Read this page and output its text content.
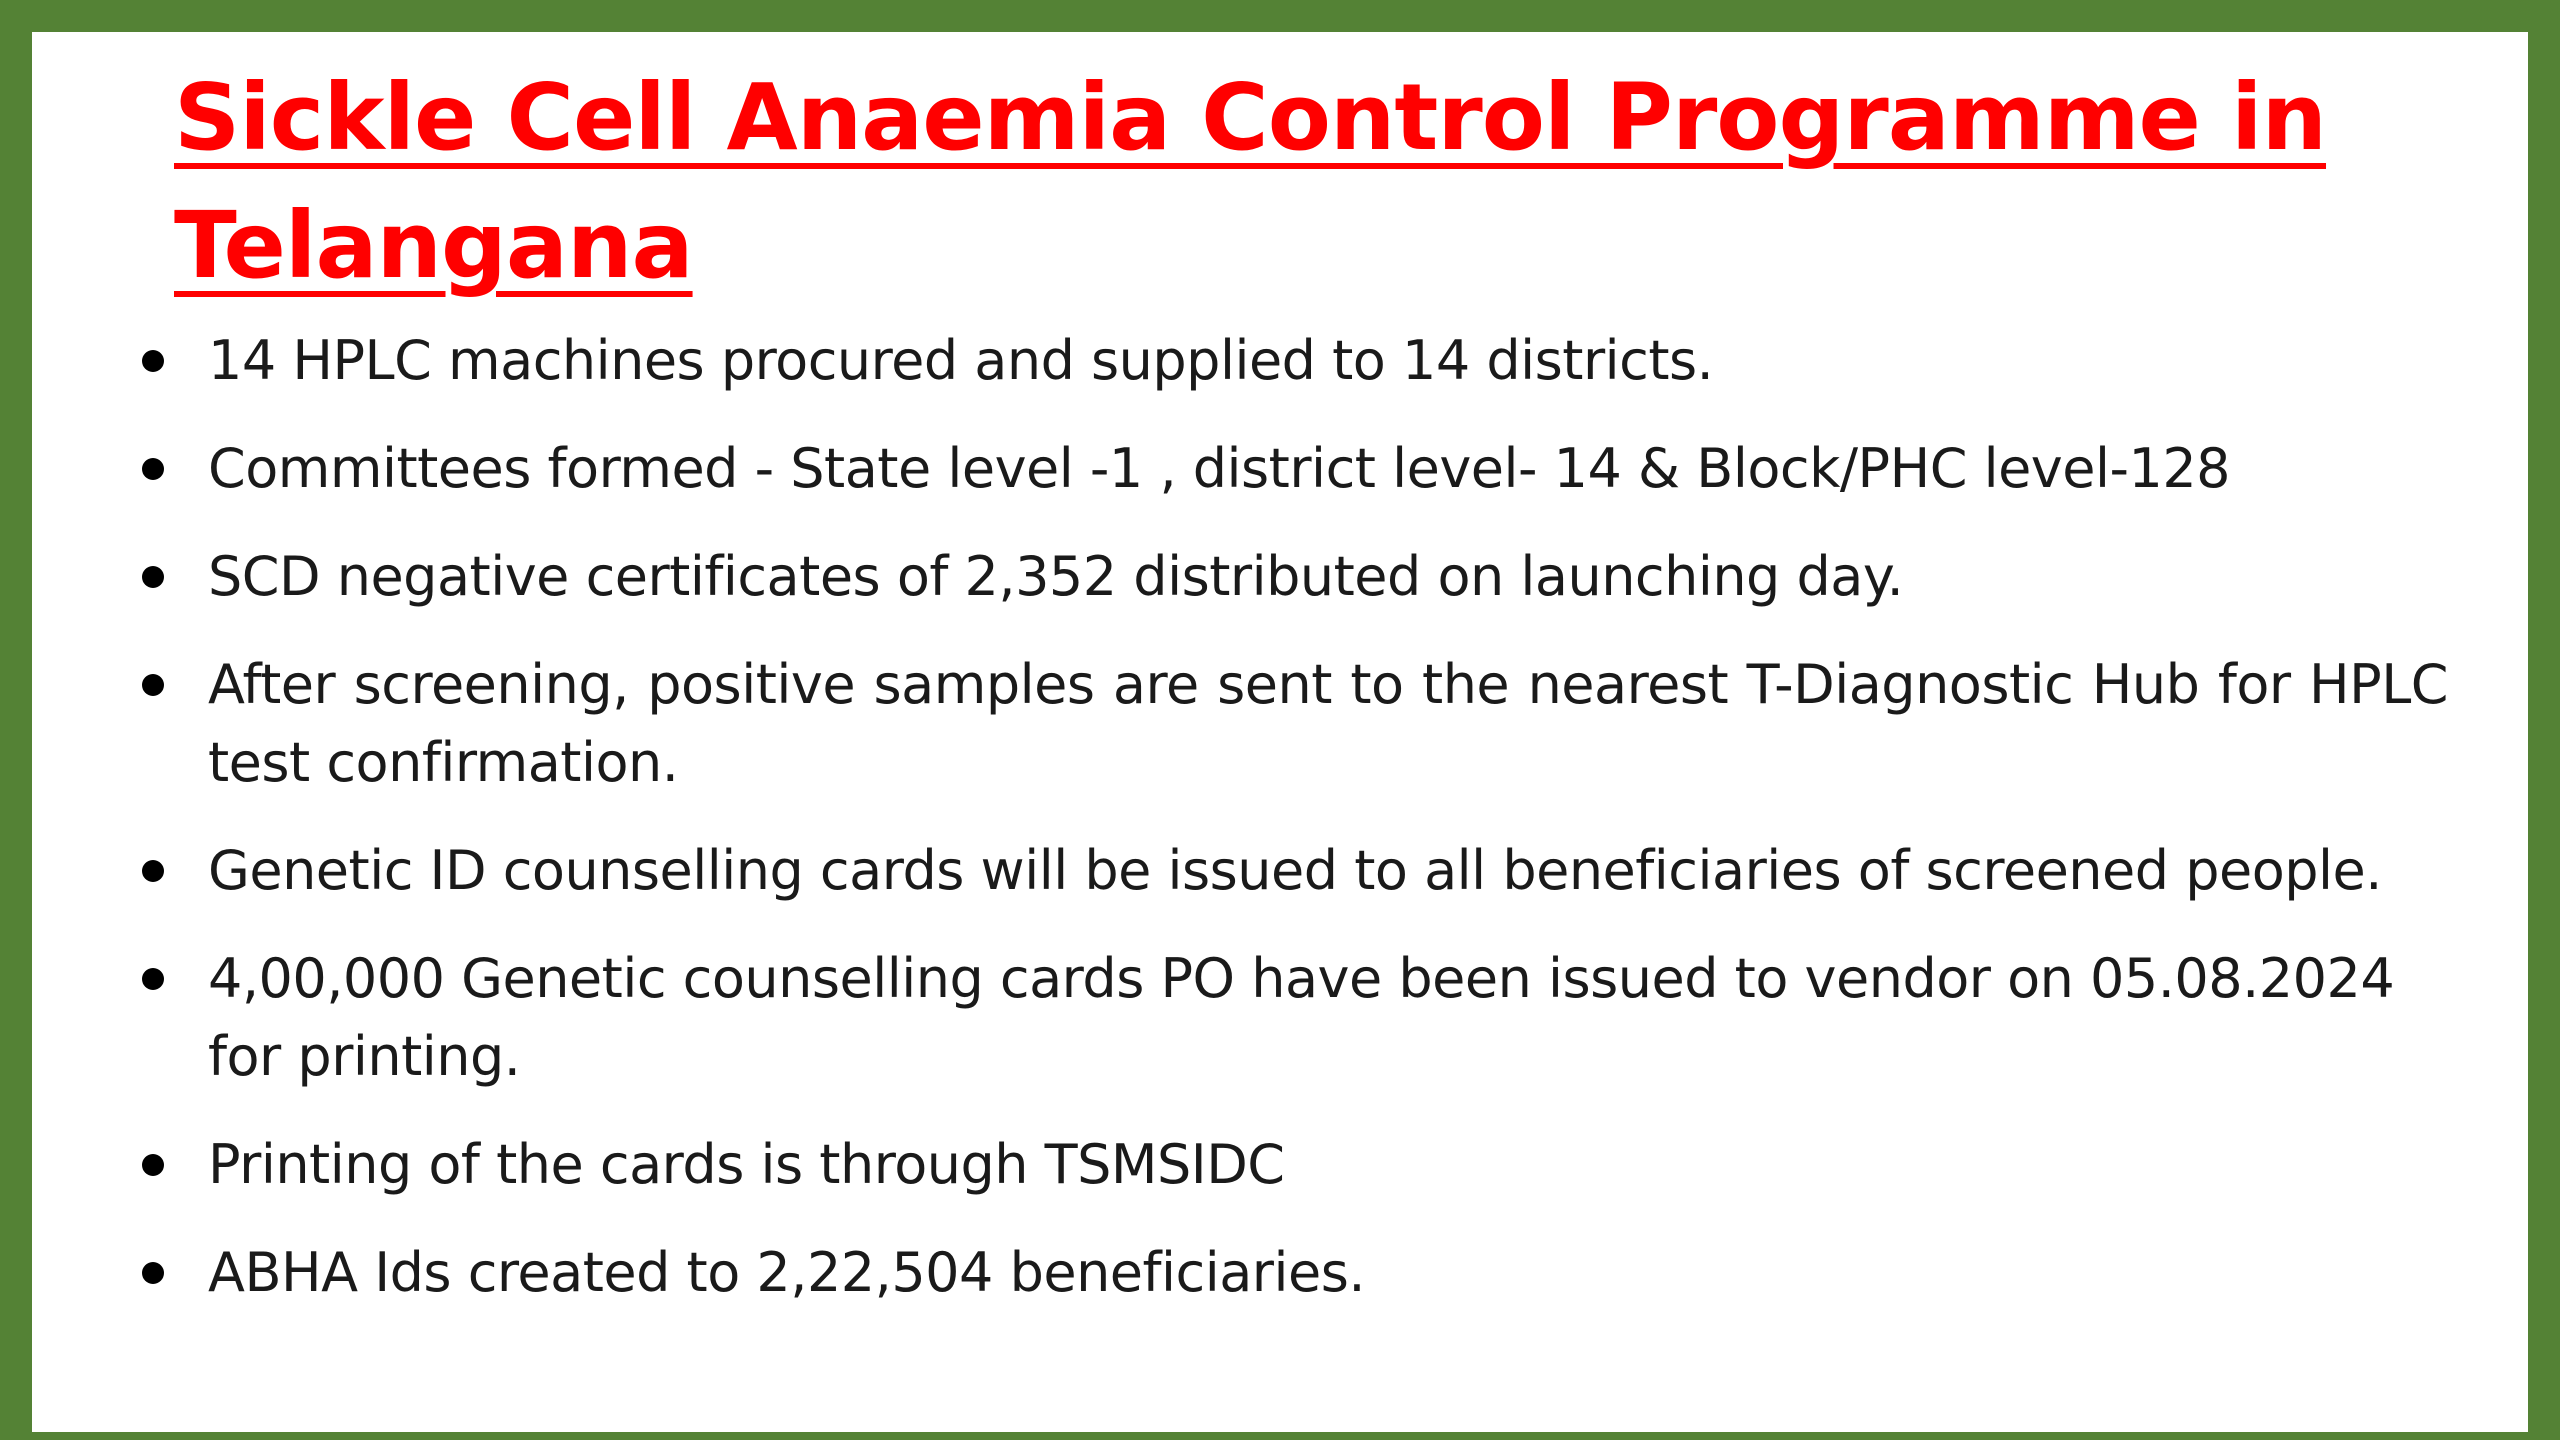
Sickle Cell Anaemia Control Programme in Telangana
14 HPLC machines procured and supplied to 14 districts.
Committees formed - State level -1 , district level- 14 & Block/PHC level-128
SCD negative certificates of 2,352 distributed on launching day.
After screening, positive samples are sent to the nearest T-Diagnostic Hub for HPLC test confirmation.
Genetic ID counselling cards will be issued to all beneficiaries of screened people.
4,00,000 Genetic counselling cards PO have been issued to vendor on 05.08.2024 for printing.
Printing of the cards is through TSMSIDC
ABHA Ids created to 2,22,504 beneficiaries.
